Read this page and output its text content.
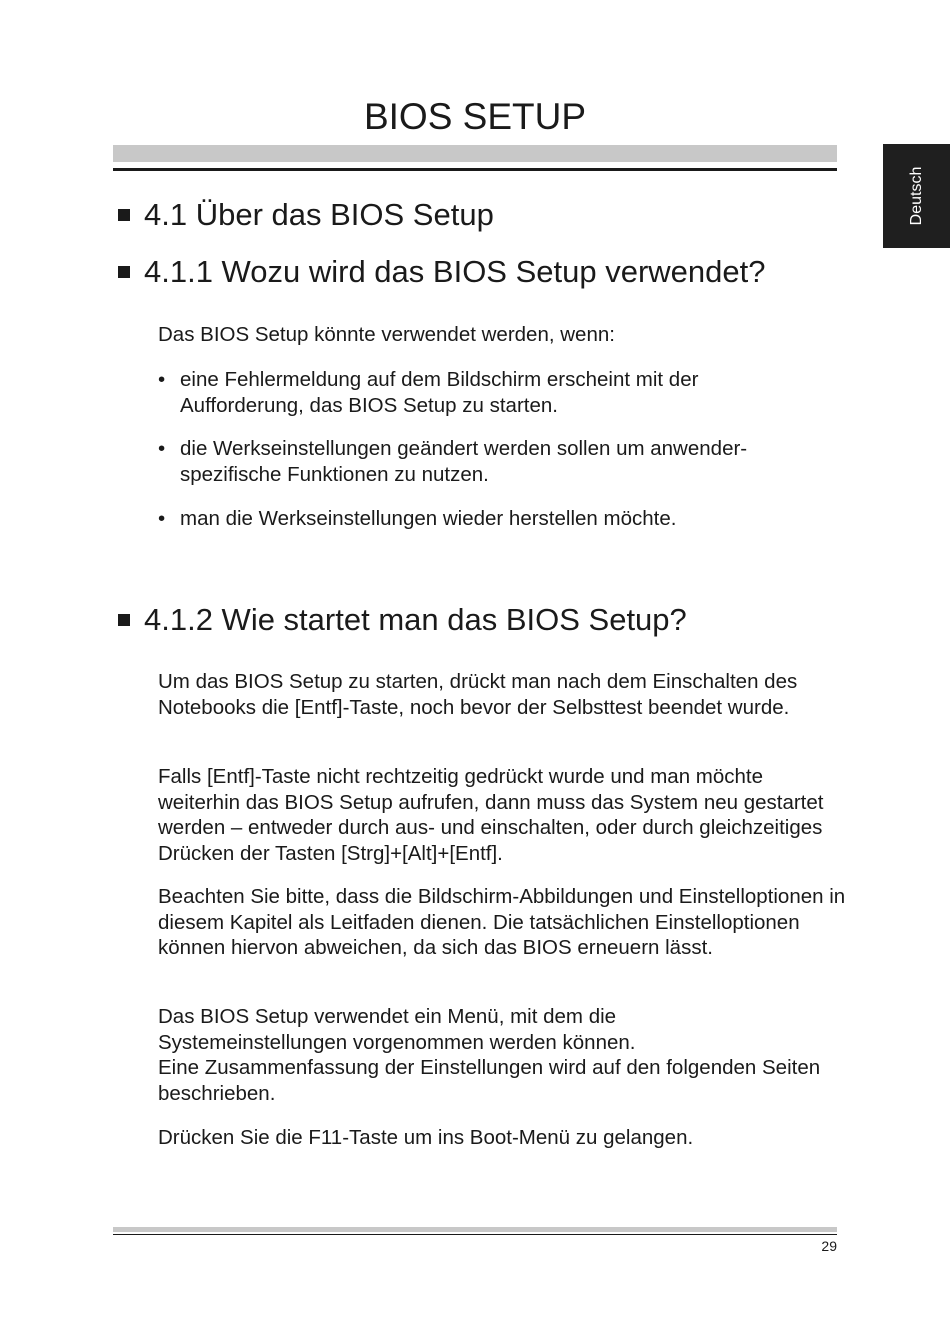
BIOS SETUP
Deutsch
4.1 Über das BIOS Setup
4.1.1 Wozu wird das BIOS Setup verwendet?

Das BIOS Setup könnte verwendet werden, wenn:

• eine Fehlermeldung auf dem Bildschirm erscheint mit der Aufforderung, das BIOS Setup zu starten.
• die Werkseinstellungen geändert werden sollen um anwender-spezifische Funktionen zu nutzen.
• man die Werkseinstellungen wieder herstellen möchte.
4.1.2 Wie startet man das BIOS Setup?

Um das BIOS Setup zu starten, drückt man nach dem Einschalten des Notebooks die [Entf]-Taste, noch bevor der Selbsttest beendet wurde.

Falls [Entf]-Taste nicht rechtzeitig gedrückt wurde und man möchte weiterhin das BIOS Setup aufrufen, dann muss das System neu gestartet werden – entweder durch aus- und einschalten, oder durch gleichzeitiges Drücken der Tasten [Strg]+[Alt]+[Entf].

Beachten Sie bitte, dass die Bildschirm-Abbildungen und Einstelloptionen in diesem Kapitel als Leitfaden dienen. Die tatsächlichen Einstelloptionen können hiervon abweichen, da sich das BIOS erneuern lässt.

Das BIOS Setup verwendet ein Menü, mit dem die

Systemeinstellungen vorgenommen werden können.

Eine Zusammenfassung der Einstellungen wird auf den folgenden Seiten beschrieben.

Drücken Sie die F11-Taste um ins Boot-Menü zu gelangen.

29
